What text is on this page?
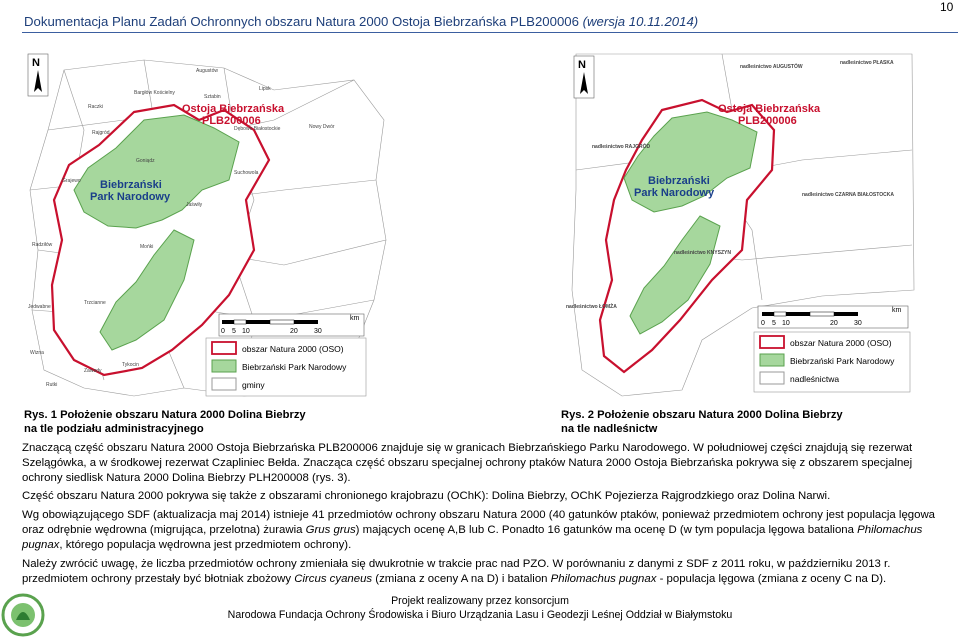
Dokumentacja Planu Zadań Ochronnych obszaru Natura 2000 Ostoja Biebrzańska PLB200006 (wersja 10.11.2014)
10
Augustów
Lipsk
Bargłów Kościelny
Sztabin
Dębowo Białostockie	Nowy Dwór
Raczki
Rajgród
Grajewo
Goniądz
Suchowola
Jaświły
Radziłów	Mońki
Jedwabne
Trzcianne
Wizna
Zawady
Tykocin
Rutki
Ostoja Biebrzańska
PLB200006
Biebrzański
Park Narodowy
N
km
0 5 10	20 30
obszar Natura 2000 (OSO)
Biebrzański Park Narodowy
gminy
nadleśnictwo AUGUSTÓW
nadleśnictwo PŁASKA
nadleśnictwo RAJGRÓD
nadleśnictwo CZARNA BIAŁOSTOCKA
nadleśnictwo KNYSZYN
nadleśnictwo ŁOMŻA
Ostoja Biebrzańska
PLB200006
Biebrzański
Park Narodowy
N
km
0 5 10	20 30
obszar Natura 2000 (OSO)
Biebrzański Park Narodowy
nadleśnictwa
Rys. 1 Położenie obszaru Natura 2000 Dolina Biebrzy
na tle podziału administracyjnego
Rys. 2 Położenie obszaru Natura 2000 Dolina Biebrzy
na tle nadleśnictw
Znaczącą część obszaru Natura 2000 Ostoja Biebrzańska PLB200006 znajduje się w granicach Biebrzańskiego Parku Narodowego. W południowej części znajdują się rezerwat Szelągówka, a w środkowej rezerwat Czapliniec Bełda. Znacząca część obszaru specjalnej ochrony ptaków Natura 2000 Ostoja Biebrzańska pokrywa się z obszarem specjalnej ochrony siedlisk Natura 2000 Dolina Biebrzy PLH200008 (rys. 3).
Część obszaru Natura 2000 pokrywa się także z obszarami chronionego krajobrazu (OChK): Dolina Biebrzy, OChK Pojezierza Rajgrodzkiego oraz Dolina Narwi.
Wg obowiązującego SDF (aktualizacja maj 2014) istnieje 41 przedmiotów ochrony obszaru Natura 2000 (40 gatunków ptaków, ponieważ przedmiotem ochrony jest populacja lęgowa oraz odrębnie wędrowna (migrująca, przelotna) żurawia Grus grus) mających ocenę A,B lub C. Ponadto 16 gatunków ma ocenę D (w tym populacja lęgowa bataliona Philomachus pugnax, którego populacja wędrowna jest przedmiotem ochrony).
Należy zwrócić uwagę, że liczba przedmiotów ochrony zmieniała się dwukrotnie w trakcie prac nad PZO. W porównaniu z danymi z SDF z 2011 roku, w październiku 2013 r. przedmiotem ochrony przestały być błotniak zbożowy Circus cyaneus (zmiana z oceny A na D) i batalion Philomachus pugnax - populacja lęgowa (zmiana z oceny C na D).
Projekt realizowany przez konsorcjum
Narodowa Fundacja Ochrony Środowiska i Biuro Urządzania Lasu i Geodezji Leśnej Oddział w Białymstoku
